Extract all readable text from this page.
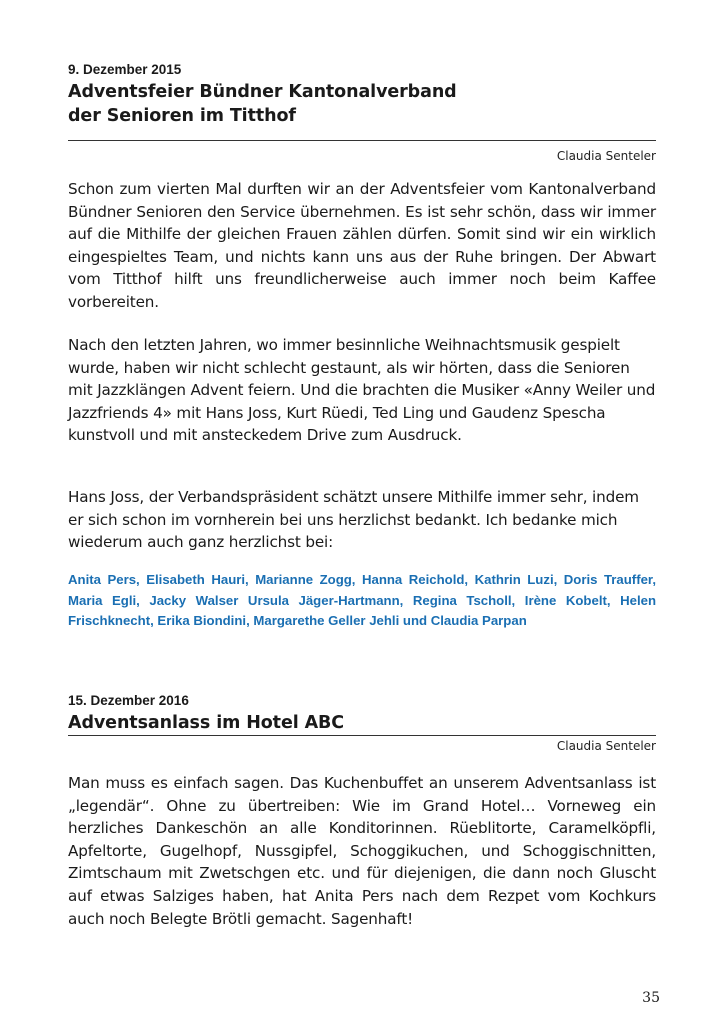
9. Dezember 2015

Adventsfeier Bündner Kantonalverband

der Senioren im Titthof

Claudia Senteler

Schon zum vierten Mal durften wir an der Adventsfeier vom Kantonalverband Bündner Senioren den Service übernehmen. Es ist sehr schön, dass wir immer auf die Mithilfe der gleichen Frauen zählen dürfen. Somit sind wir ein wirklich eingespieltes Team, und nichts kann uns aus der Ruhe bringen. Der Abwart vom Titthof hilft uns freundlicherweise auch immer noch beim Kaffee vorbereiten.

Nach den letzten Jahren, wo immer besinnliche Weihnachtsmusik gespielt wurde, haben wir nicht schlecht gestaunt, als wir hörten, dass die Senioren mit Jazzklängen Advent feiern. Und die brachten die Musiker «Anny Weiler und Jazzfriends 4» mit Hans Joss, Kurt Rüedi, Ted Ling und Gaudenz Spescha kunstvoll und mit ansteckedem Drive zum Ausdruck.

Hans Joss, der Verbandspräsident schätzt unsere Mithilfe immer sehr, indem er sich schon im vornherein bei uns herzlichst bedankt. Ich bedanke mich wiederum auch ganz herzlichst bei:

Anita Pers, Elisabeth Hauri, Marianne Zogg, Hanna Reichold, Kathrin Luzi, Doris Trauffer, Maria Egli, Jacky Walser Ursula Jäger-Hartmann, Regina Tscholl, Irène Kobelt, Helen Frischknecht, Erika Biondini, Margarethe Geller Jehli und Claudia Parpan

15. Dezember 2016

Adventsanlass im Hotel ABC

Claudia Senteler

Man muss es einfach sagen. Das Kuchenbuffet an unserem Adventsanlass ist „legendär“. Ohne zu übertreiben: Wie im Grand Hotel… Vorneweg ein herzliches Dankeschön an alle Konditorinnen. Rüeblitorte, Caramelköpfli, Apfeltorte, Gugelhopf, Nussgipfel, Schoggikuchen, und Schoggischnitten, Zimtschaum mit Zwetschgen etc. und für diejenigen, die dann noch Gluscht auf etwas Salziges haben, hat Anita Pers nach dem Rezpet vom Kochkurs auch noch Belegte Brötli gemacht. Sagenhaft!

35
